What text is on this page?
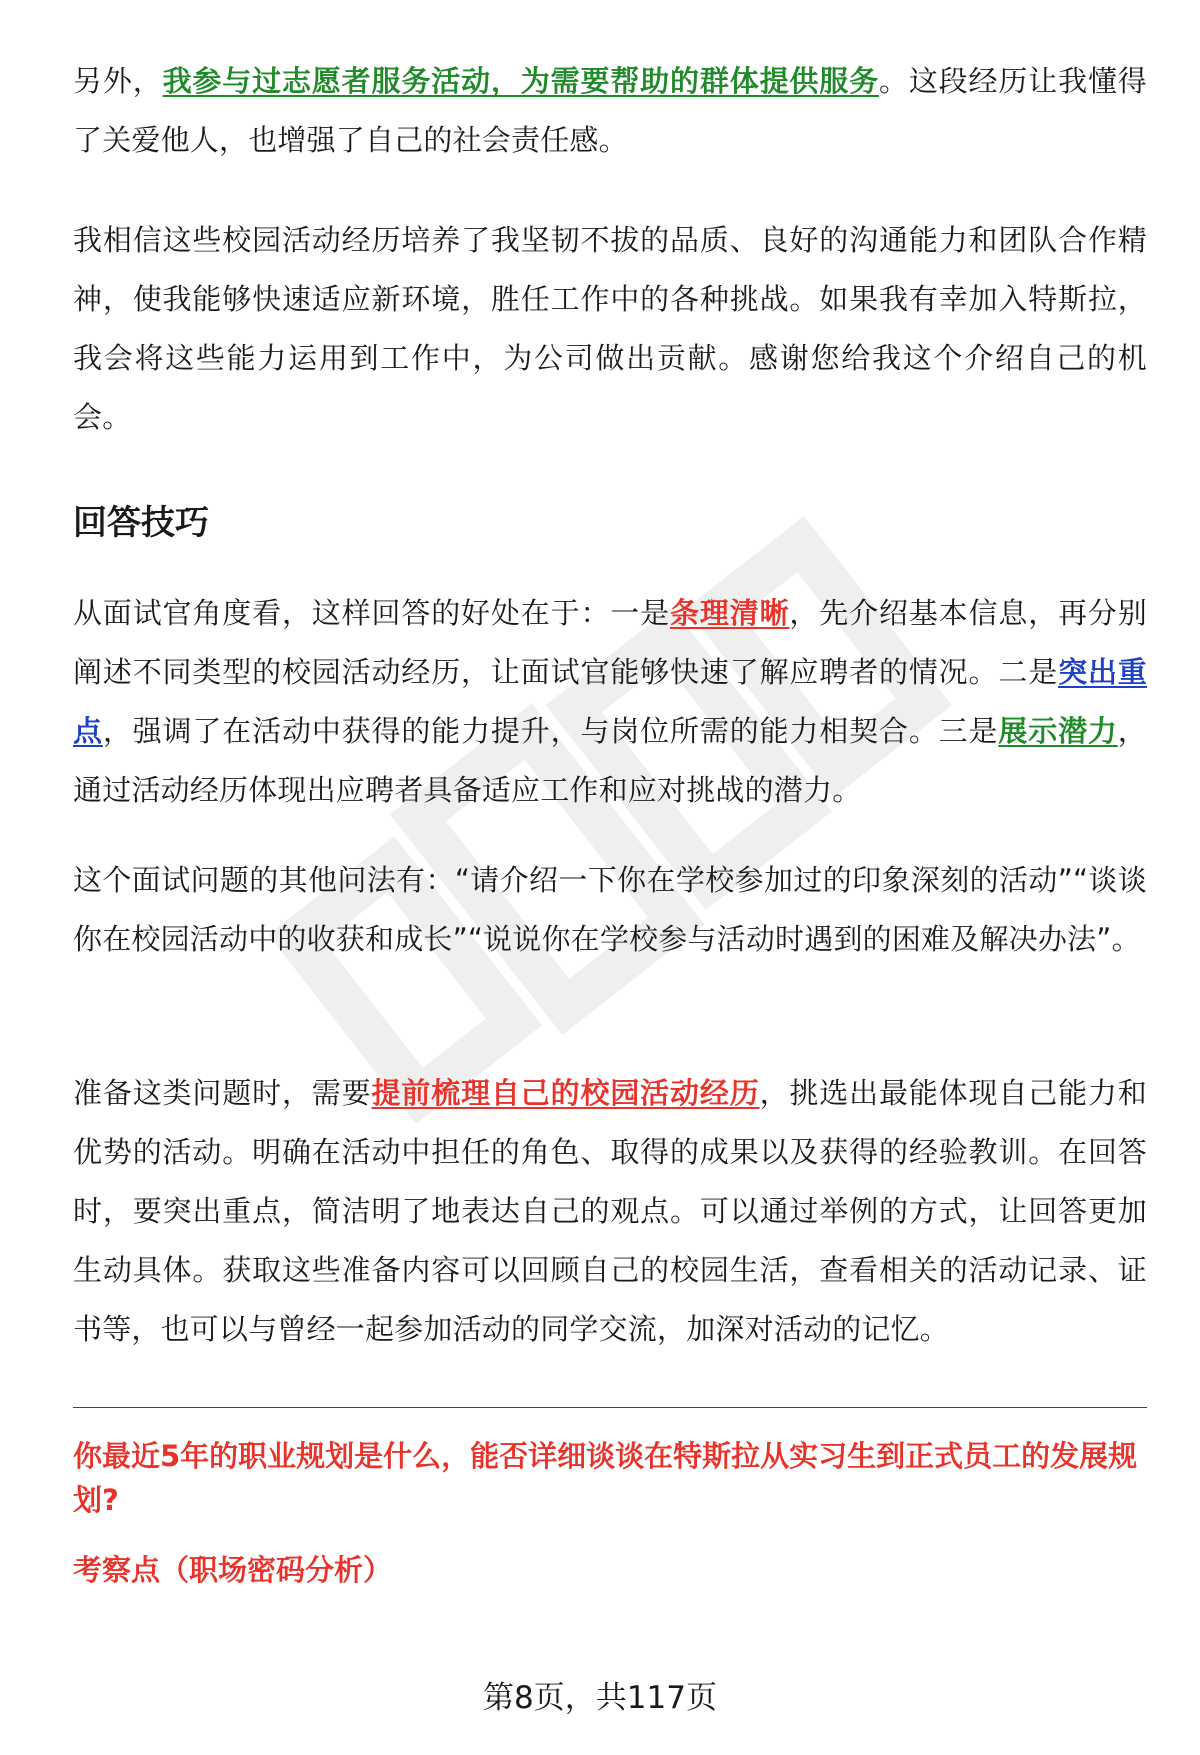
另外，我参与过志愿者服务活动，为需要帮助的群体提供服务。这段经历让我懂得了关爱他人，也增强了自己的社会责任感。

我相信这些校园活动经历培养了我坚韧不拔的品质、良好的沟通能力和团队合作精神，使我能够快速适应新环境，胜任工作中的各种挑战。如果我有幸加入特斯拉，我会将这些能力运用到工作中，为公司做出贡献。感谢您给我这个介绍自己的机会。

回答技巧

从面试官角度看，这样回答的好处在于：一是条理清晰，先介绍基本信息，再分别阐述不同类型的校园活动经历，让面试官能够快速了解应聘者的情况。二是突出重点，强调了在活动中获得的能力提升，与岗位所需的能力相契合。三是展示潜力，通过活动经历体现出应聘者具备适应工作和应对挑战的潜力。

这个面试问题的其他问法有：“请介绍一下你在学校参加过的印象深刻的活动”“谈谈你在校园活动中的收获和成长”“说说你在学校参与活动时遇到的困难及解决办法”。

准备这类问题时，需要提前梳理自己的校园活动经历，挑选出最能体现自己能力和优势的活动。明确在活动中担任的角色、取得的成果以及获得的经验教训。在回答时，要突出重点，简洁明了地表达自己的观点。可以通过举例的方式，让回答更加生动具体。获取这些准备内容可以回顾自己的校园生活，查看相关的活动记录、证书等，也可以与曾经一起参加活动的同学交流，加深对活动的记忆。

你最近5年的职业规划是什么，能否详细谈谈在特斯拉从实习生到正式员工的发展规划?

考察点（职场密码分析）

第8页，共117页
